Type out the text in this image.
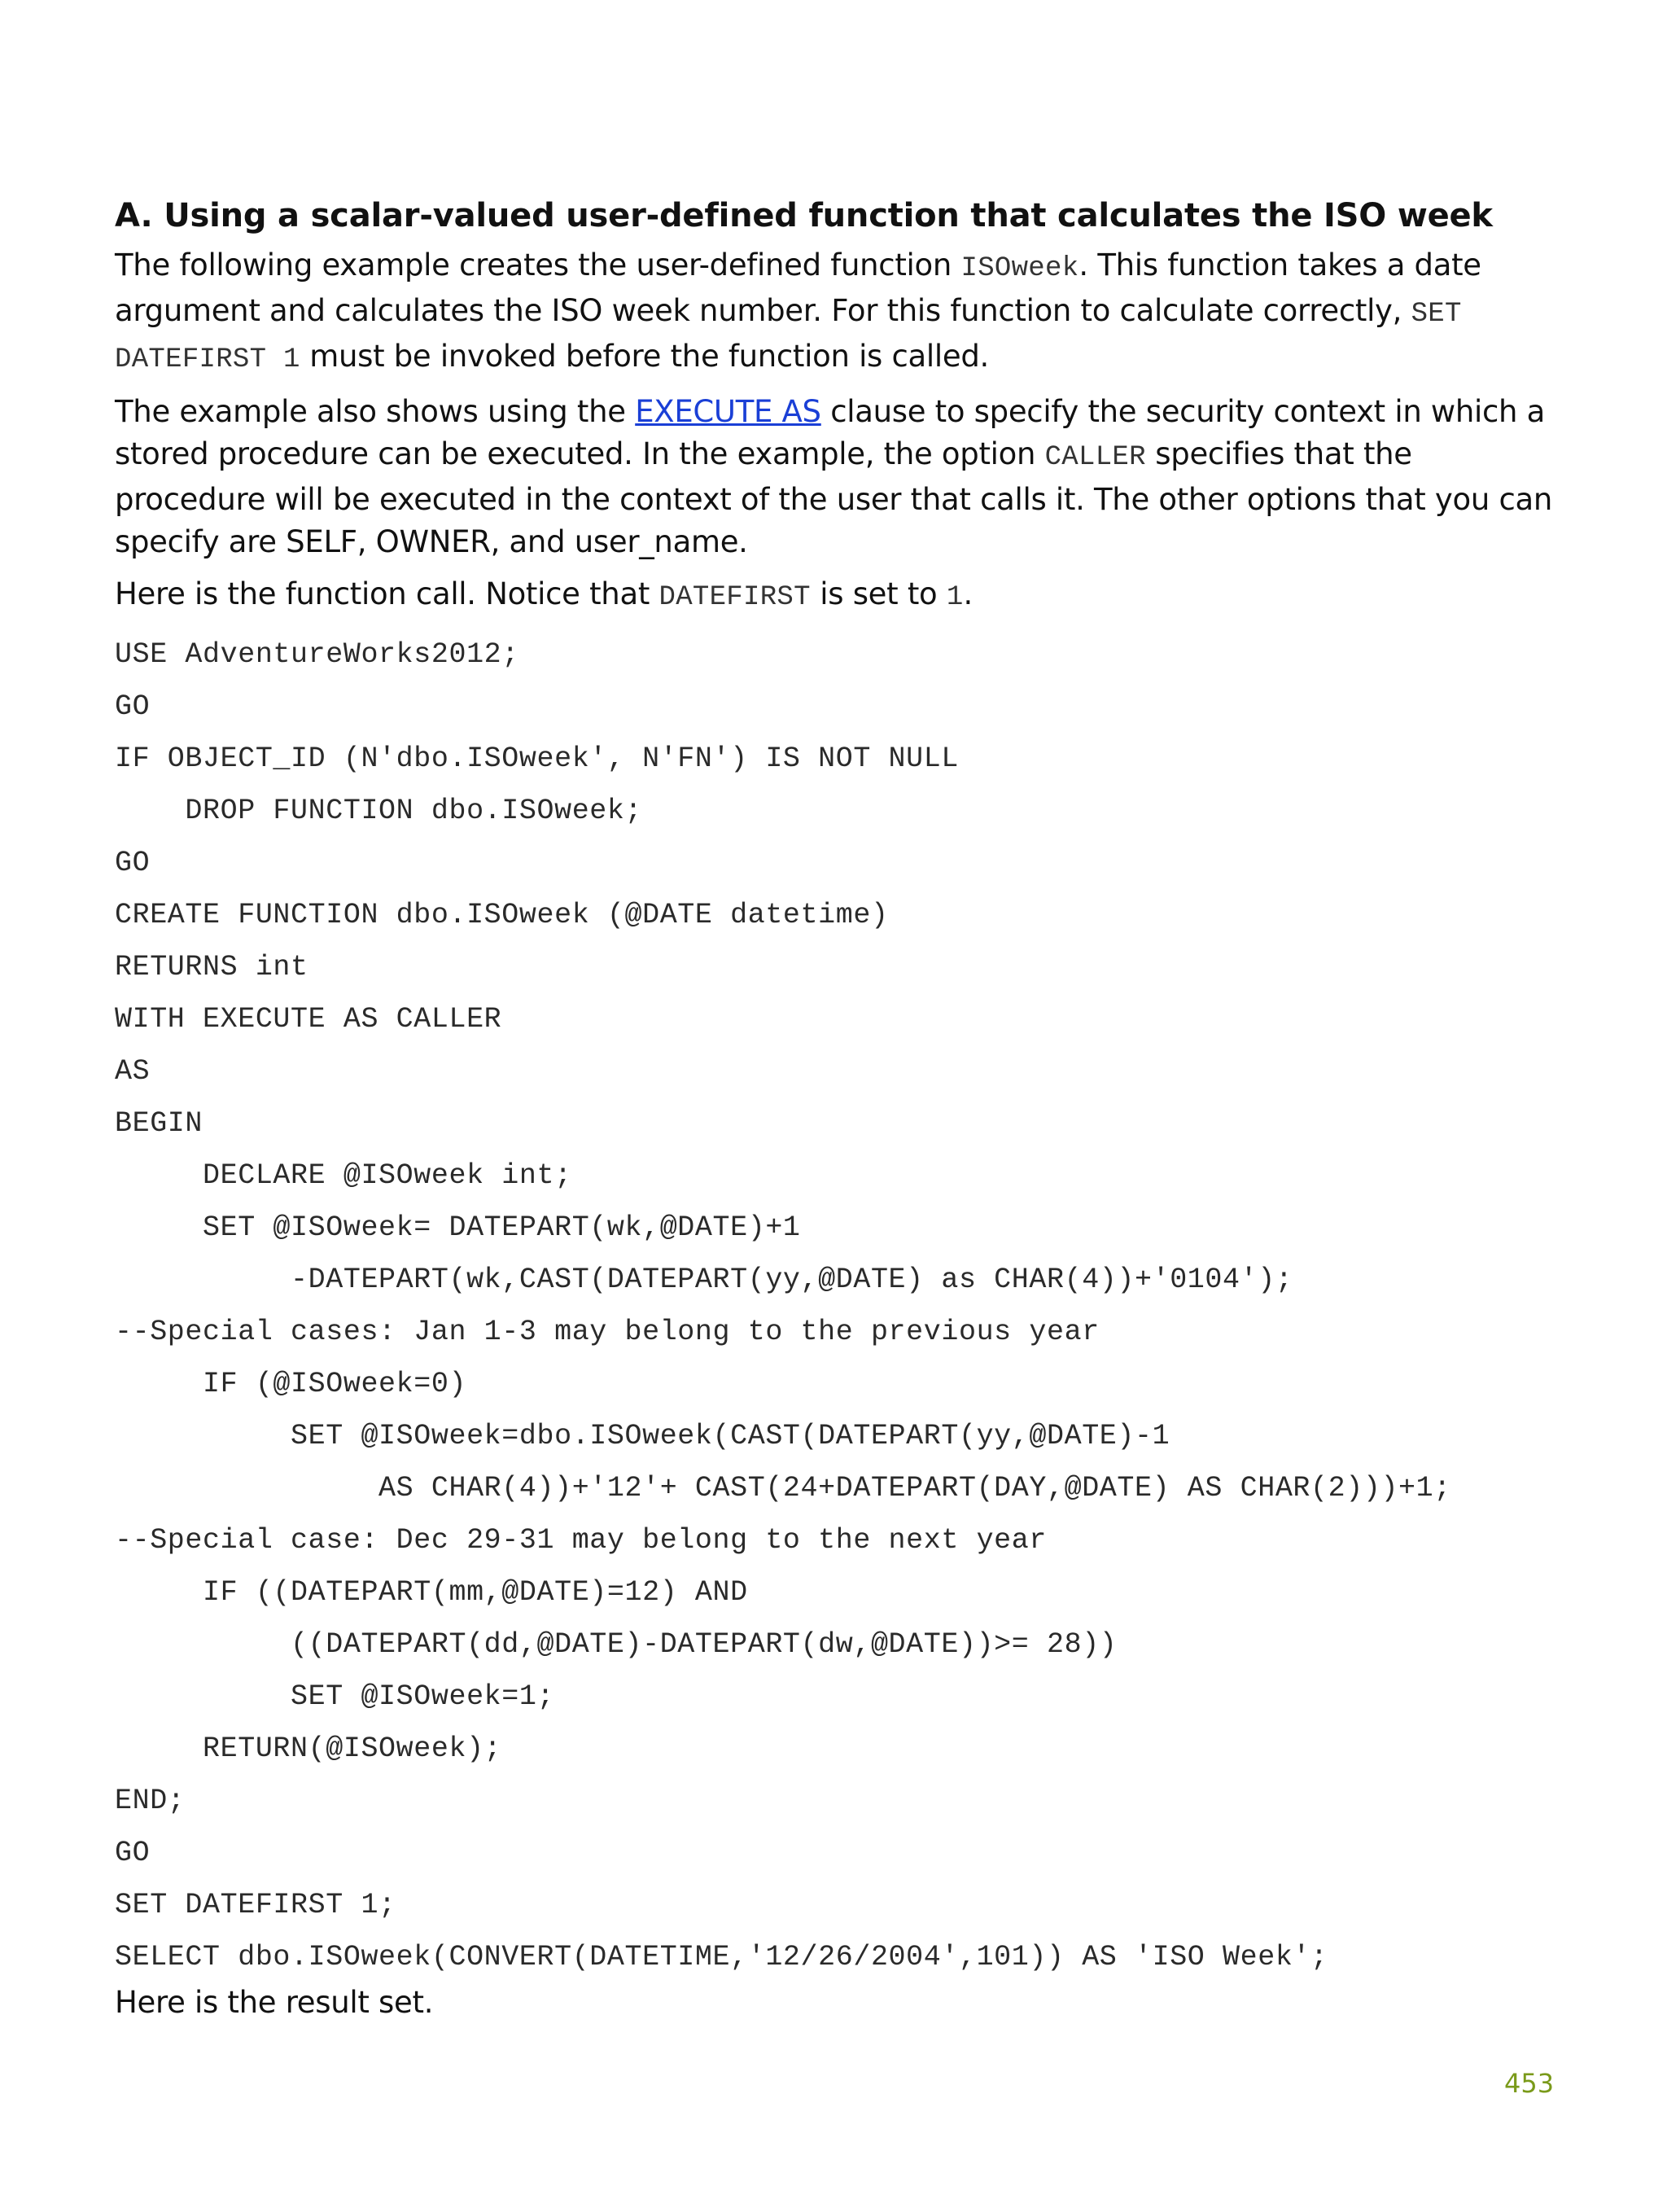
A. Using a scalar-valued user-defined function that calculates the ISO week

The following example creates the user-defined function ISOweek. This function takes a date argument and calculates the ISO week number. For this function to calculate correctly, SET DATEFIRST 1 must be invoked before the function is called.

The example also shows using the EXECUTE AS clause to specify the security context in which a stored procedure can be executed. In the example, the option CALLER specifies that the procedure will be executed in the context of the user that calls it. The other options that you can specify are SELF, OWNER, and user_name.

Here is the function call. Notice that DATEFIRST is set to 1.

USE AdventureWorks2012;
GO
IF OBJECT_ID (N'dbo.ISOweek', N'FN') IS NOT NULL
DROP FUNCTION dbo.ISOweek;
GO
CREATE FUNCTION dbo.ISOweek (@DATE datetime)
RETURNS int
WITH EXECUTE AS CALLER
AS
BEGIN
DECLARE @ISOweek int;
SET @ISOweek= DATEPART(wk,@DATE)+1
-DATEPART(wk,CAST(DATEPART(yy,@DATE) as CHAR(4))+'0104');
--Special cases: Jan 1-3 may belong to the previous year
IF (@ISOweek=0)
SET @ISOweek=dbo.ISOweek(CAST(DATEPART(yy,@DATE)-1
AS CHAR(4))+'12'+ CAST(24+DATEPART(DAY,@DATE) AS CHAR(2)))+1;
--Special case: Dec 29-31 may belong to the next year
IF ((DATEPART(mm,@DATE)=12) AND
((DATEPART(dd,@DATE)-DATEPART(dw,@DATE))>= 28))
SET @ISOweek=1;
RETURN(@ISOweek);
END;
GO
SET DATEFIRST 1;
SELECT dbo.ISOweek(CONVERT(DATETIME,'12/26/2004',101)) AS 'ISO Week';

Here is the result set.

453
